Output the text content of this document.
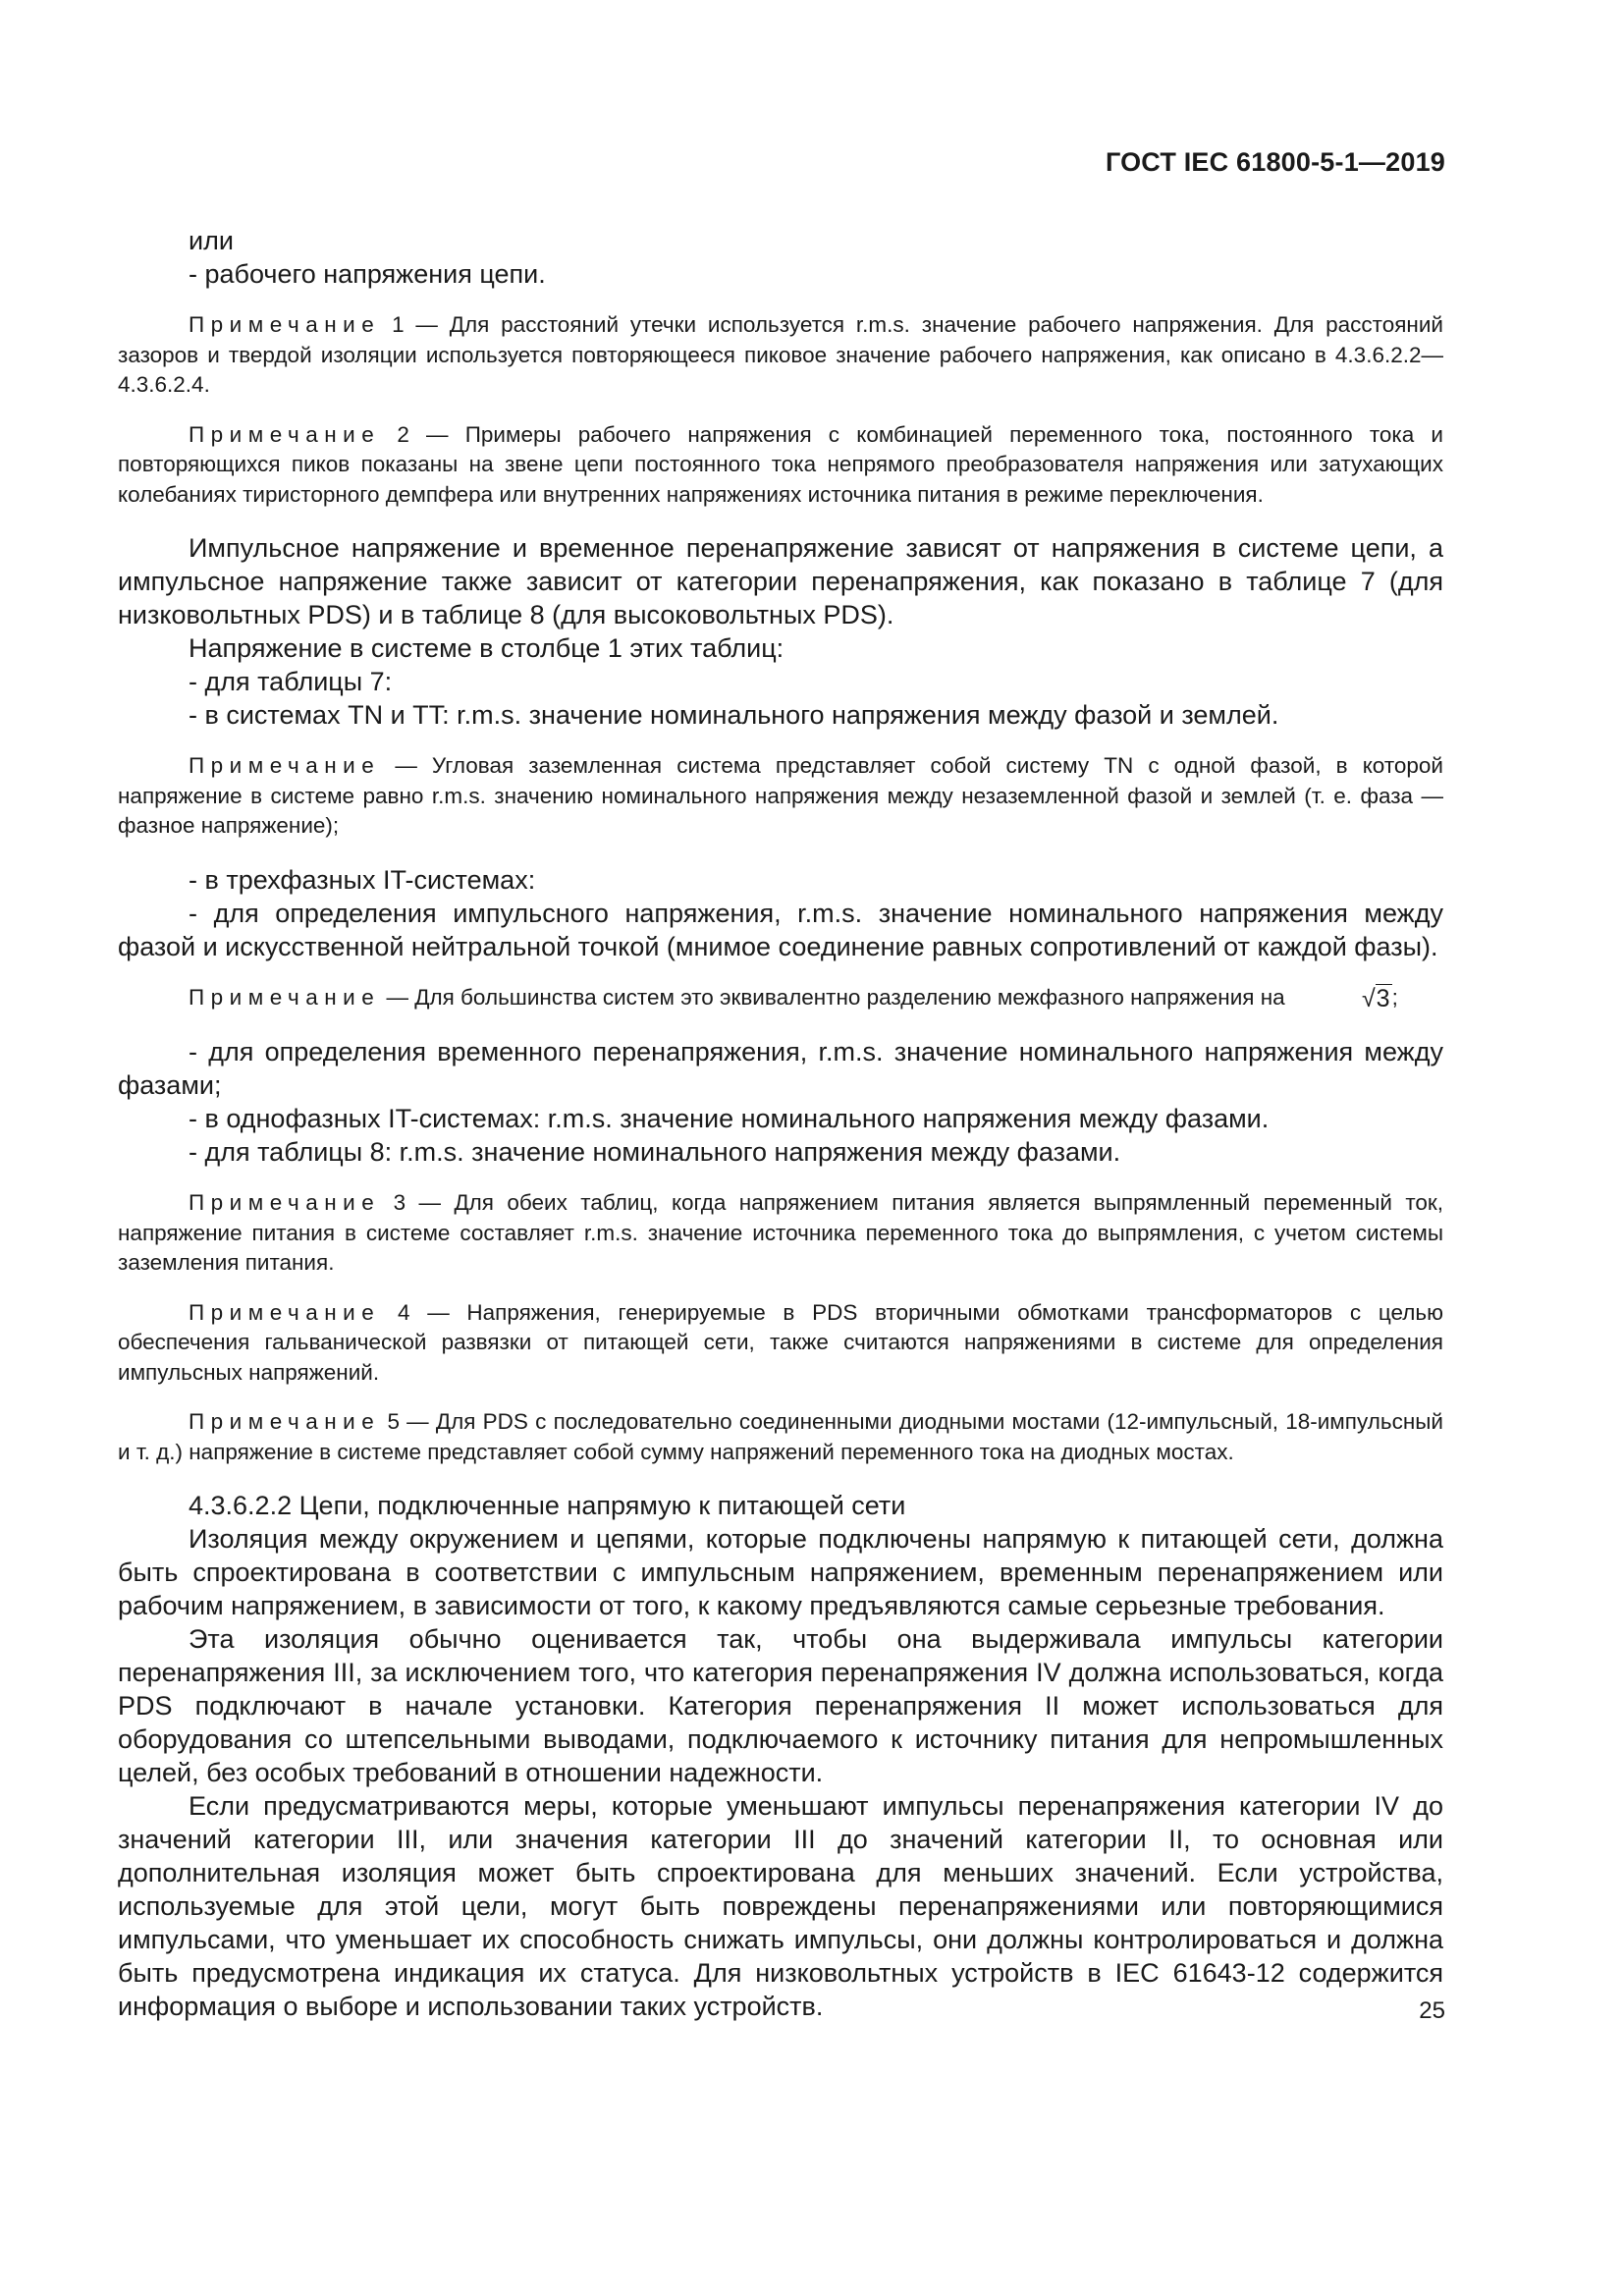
ГОСТ IEC 61800-5-1—2019

или

- рабочего напряжения цепи.

Примечание 1 — Для расстояний утечки используется r.m.s. значение рабочего напряжения. Для расстояний зазоров и твердой изоляции используется повторяющееся пиковое значение рабочего напряжения, как описано в 4.3.6.2.2—4.3.6.2.4.

Примечание 2 — Примеры рабочего напряжения с комбинацией переменного тока, постоянного тока и повторяющихся пиков показаны на звене цепи постоянного тока непрямого преобразователя напряжения или затухающих колебаниях тиристорного демпфера или внутренних напряжениях источника питания в режиме переключения.

Импульсное напряжение и временное перенапряжение зависят от напряжения в системе цепи, а импульсное напряжение также зависит от категории перенапряжения, как показано в таблице 7 (для низковольтных PDS) и в таблице 8 (для высоковольтных PDS).

Напряжение в системе в столбце 1 этих таблиц:

- для таблицы 7:

- в системах TN и TT: r.m.s. значение номинального напряжения между фазой и землей.

Примечание — Угловая заземленная система представляет собой систему TN с одной фазой, в которой напряжение в системе равно r.m.s. значению номинального напряжения между незаземленной фазой и землей (т. е. фаза — фазное напряжение);

- в трехфазных IT-системах:

- для определения импульсного напряжения, r.m.s. значение номинального напряжения между фазой и искусственной нейтральной точкой (мнимое соединение равных сопротивлений от каждой фазы).

Примечание — Для большинства систем это эквивалентно разделению межфазного напряжения на	√3;

- для определения временного перенапряжения, r.m.s. значение номинального напряжения между фазами;

- в однофазных IT-системах: r.m.s. значение номинального напряжения между фазами.

- для таблицы 8: r.m.s. значение номинального напряжения между фазами.

Примечание 3 — Для обеих таблиц, когда напряжением питания является выпрямленный переменный ток, напряжение питания в системе составляет r.m.s. значение источника переменного тока до выпрямления, с учетом системы заземления питания.

Примечание 4 — Напряжения, генерируемые в PDS вторичными обмотками трансформаторов с целью обеспечения гальванической развязки от питающей сети, также считаются напряжениями в системе для определения импульсных напряжений.

Примечание 5 — Для PDS с последовательно соединенными диодными мостами (12-импульсный, 18-импульсный и т. д.) напряжение в системе представляет собой сумму напряжений переменного тока на диодных мостах.

4.3.6.2.2 Цепи, подключенные напрямую к питающей сети

Изоляция между окружением и цепями, которые подключены напрямую к питающей сети, должна быть спроектирована в соответствии с импульсным напряжением, временным перенапряжением или рабочим напряжением, в зависимости от того, к какому предъявляются самые серьезные требования.

Эта изоляция обычно оценивается так, чтобы она выдерживала импульсы категории перенапряжения III, за исключением того, что категория перенапряжения IV должна использоваться, когда PDS подключают в начале установки. Категория перенапряжения II может использоваться для оборудования со штепсельными выводами, подключаемого к источнику питания для непромышленных целей, без особых требований в отношении надежности.

Если предусматриваются меры, которые уменьшают импульсы перенапряжения категории IV до значений категории III, или значения категории III до значений категории II, то основная или дополнительная изоляция может быть спроектирована для меньших значений. Если устройства, используемые для этой цели, могут быть повреждены перенапряжениями или повторяющимися импульсами, что уменьшает их способность снижать импульсы, они должны контролироваться и должна быть предусмотрена индикация их статуса. Для низковольтных устройств в IEC 61643-12 содержится информация о выборе и использовании таких устройств.	25
